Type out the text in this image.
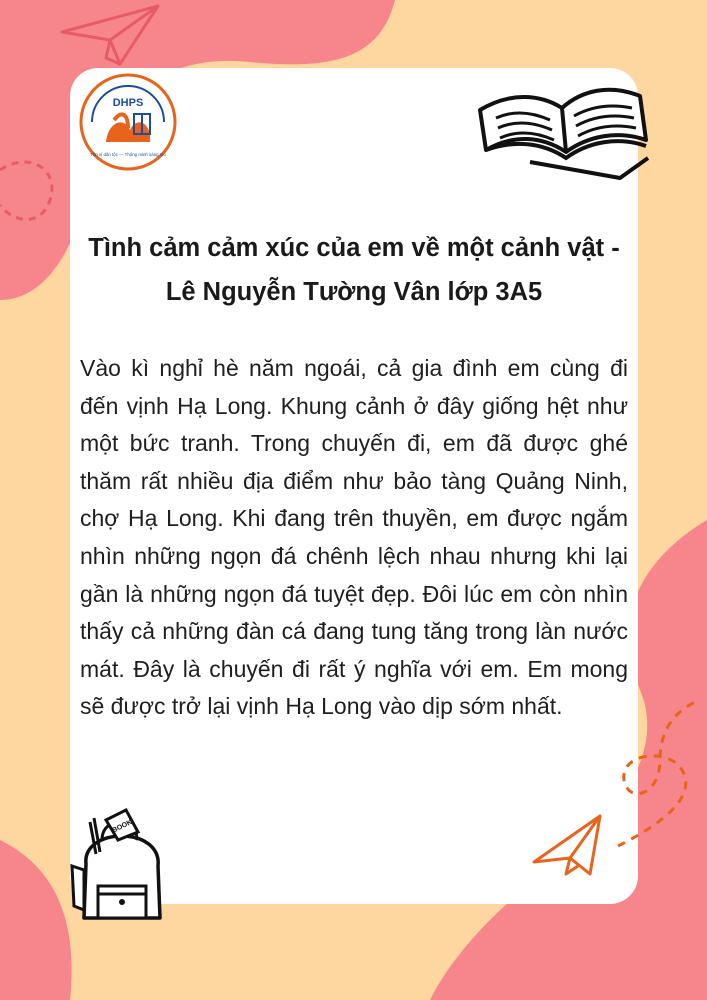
DHPS
Tận vì dân tộc — Thông minh sáng tạo
Tình cảm cảm xúc của em về một cảnh vật - Lê Nguyễn Tường Vân lớp 3A5

Vào kì nghỉ hè năm ngoái, cả gia đình em cùng đi đến vịnh Hạ Long. Khung cảnh ở đây giống hệt như một bức tranh. Trong chuyến đi, em đã được ghé thăm rất nhiều địa điểm như bảo tàng Quảng Ninh, chợ Hạ Long. Khi đang trên thuyền, em được ngắm nhìn những ngọn đá chênh lệch nhau nhưng khi lại gần là những ngọn đá tuyệt đẹp. Đôi lúc em còn nhìn thấy cả những đàn cá đang tung tăng trong làn nước mát. Đây là chuyến đi rất ý nghĩa với em. Em mong sẽ được trở lại vịnh Hạ Long vào dịp sớm nhất.

BOOK
